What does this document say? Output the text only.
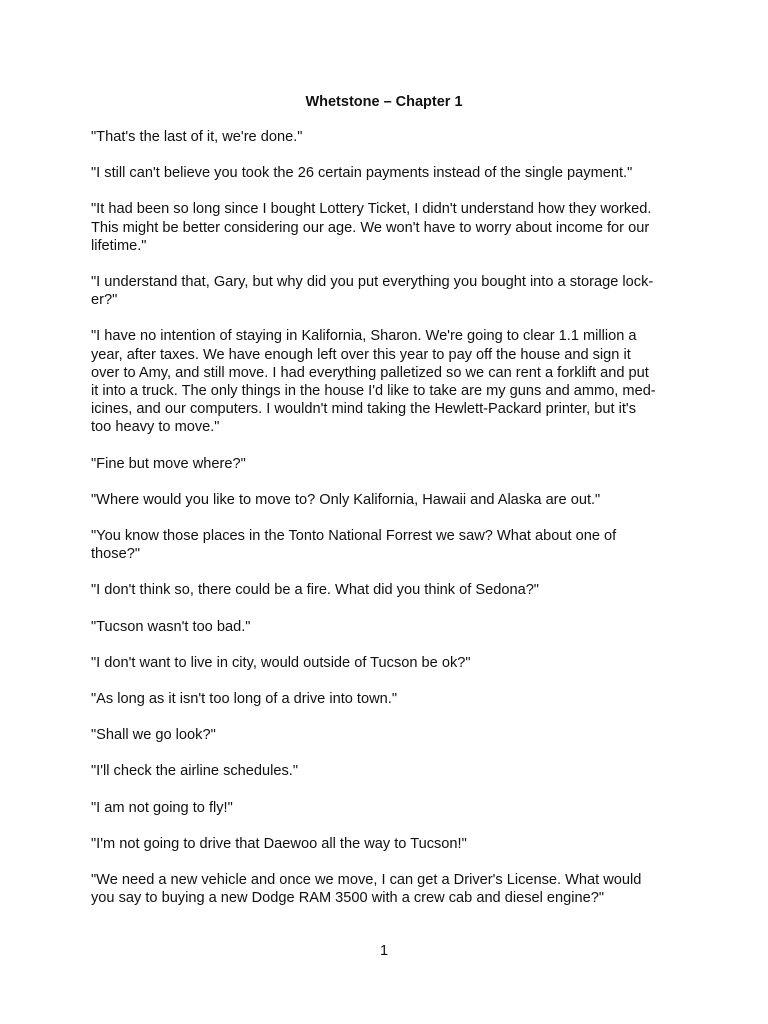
Whetstone – Chapter 1

"That's the last of it, we're done."

"I still can't believe you took the 26 certain payments instead of the single payment."

"It had been so long since I bought Lottery Ticket, I didn't understand how they worked.
This might be better considering our age. We won't have to worry about income for our
lifetime."

"I understand that, Gary, but why did you put everything you bought into a storage lock-
er?"

"I have no intention of staying in Kalifornia, Sharon. We're going to clear 1.1 million a
year, after taxes. We have enough left over this year to pay off the house and sign it
over to Amy, and still move. I had everything palletized so we can rent a forklift and put
it into a truck. The only things in the house I'd like to take are my guns and ammo, med-
icines, and our computers. I wouldn't mind taking the Hewlett-Packard printer, but it's
too heavy to move."

"Fine but move where?"

"Where would you like to move to? Only Kalifornia, Hawaii and Alaska are out."

"You know those places in the Tonto National Forrest we saw? What about one of
those?"

"I don't think so, there could be a fire. What did you think of Sedona?"

"Tucson wasn't too bad."

"I don't want to live in city, would outside of Tucson be ok?"

"As long as it isn't too long of a drive into town."

"Shall we go look?"

"I'll check the airline schedules."

"I am not going to fly!"

"I'm not going to drive that Daewoo all the way to Tucson!"

"We need a new vehicle and once we move, I can get a Driver's License. What would
you say to buying a new Dodge RAM 3500 with a crew cab and diesel engine?"

1
